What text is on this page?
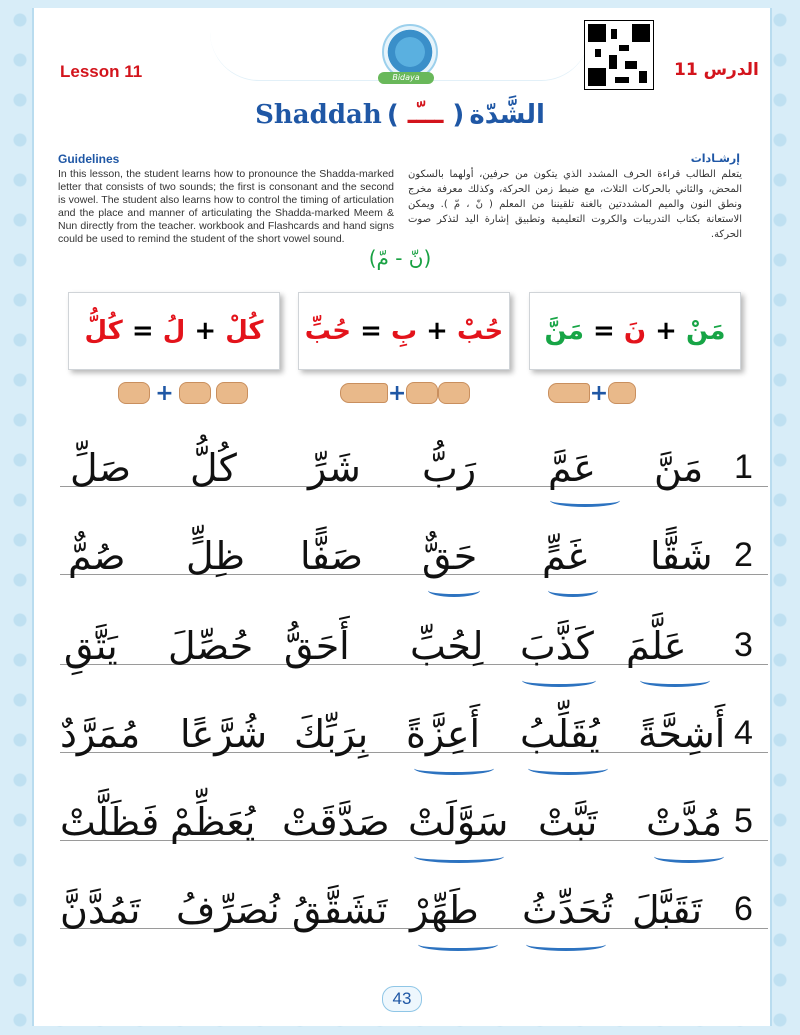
Bidaya
Lesson 11	الدرس 11
Shaddah ( ـــّـ ) الشَّدّة
Guidelines
In this lesson, the student learns how to pronounce the Shadda-marked letter that consists of two sounds; the first is consonant and the second is vowel. The student also learns how to control the timing of articulation and the place and manner of articulating the Shadda-marked Meem & Nun directly from the teacher. workbook and Flashcards and hand signs could be used to remind the student of the short vowel sound.
إرشـادات
يتعلم الطالب قراءة الحرف المشدد الذي يتكون من حرفين، أولهما بالسكون المحض، والثاني بالحركات الثلاث، مع ضبط زمن الحركة، وكذلك معرفة مخرج ونطق النون والميم المشددتين بالغنة تلقيننا من المعلم ( نّ ، مّ ). ويمكن الاستعانة بكتاب التدريبات والكروت التعليمية وتطبيق إشارة اليد لتذكر صوت الحركة.
(نّ - مّ)
مَنْ

+

نَ

=

مَنَّ
حُبْ

+

بِ

=

حُبِّ
كُلْ

+

لُ

=

كُلُّ
+
+
+
1
مَنَّ
عَمَّ
رَبُّ
شَرِّ
كُلُّ
صَلِّ
2
شَقًّا
غَمٍّ
حَقٌّ
صَفًّا
ظِلٍّ
صُمٌّ
3
عَلَّمَ
كَذَّبَ
لِحُبِّ
أَحَقُّ
حُصِّلَ
يَتَّقِ
4
أَشِحَّةً
يُقَلِّبُ
أَعِزَّةً
بِرَبِّكَ
شُرَّعًا
مُمَرَّدٌ
5
مُدَّتْ
تَبَّتْ
سَوَّلَتْ
صَدَّقَتْ
يُعَظِّمْ
فَظَلَّتْ
6
تَقَبَّلَ
تُحَدِّثُ
طَهِّرْ
تَشَقَّقُ
نُصَرِّفُ
تَمُدَّنَّ
43
